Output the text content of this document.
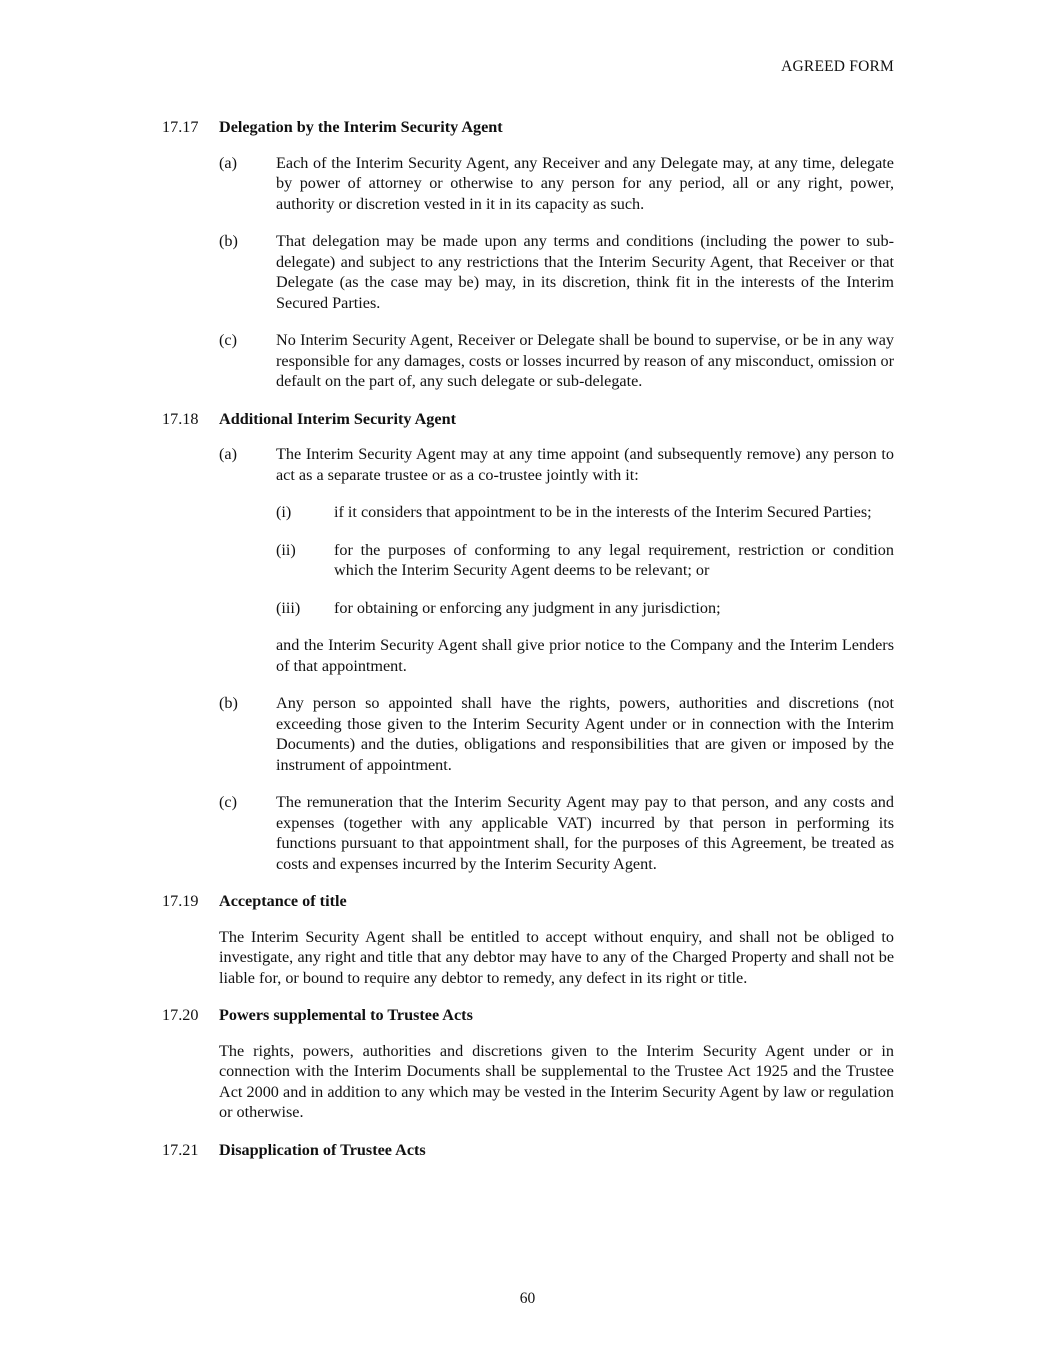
AGREED FORM
17.17	Delegation by the Interim Security Agent
(a)	Each of the Interim Security Agent, any Receiver and any Delegate may, at any time, delegate by power of attorney or otherwise to any person for any period, all or any right, power, authority or discretion vested in it in its capacity as such.
(b)	That delegation may be made upon any terms and conditions (including the power to sub-delegate) and subject to any restrictions that the Interim Security Agent, that Receiver or that Delegate (as the case may be) may, in its discretion, think fit in the interests of the Interim Secured Parties.
(c)	No Interim Security Agent, Receiver or Delegate shall be bound to supervise, or be in any way responsible for any damages, costs or losses incurred by reason of any misconduct, omission or default on the part of, any such delegate or sub-delegate.
17.18	Additional Interim Security Agent
(a)	The Interim Security Agent may at any time appoint (and subsequently remove) any person to act as a separate trustee or as a co-trustee jointly with it:
(i)	if it considers that appointment to be in the interests of the Interim Secured Parties;
(ii)	for the purposes of conforming to any legal requirement, restriction or condition which the Interim Security Agent deems to be relevant; or
(iii)	for obtaining or enforcing any judgment in any jurisdiction;
and the Interim Security Agent shall give prior notice to the Company and the Interim Lenders of that appointment.
(b)	Any person so appointed shall have the rights, powers, authorities and discretions (not exceeding those given to the Interim Security Agent under or in connection with the Interim Documents) and the duties, obligations and responsibilities that are given or imposed by the instrument of appointment.
(c)	The remuneration that the Interim Security Agent may pay to that person, and any costs and expenses (together with any applicable VAT) incurred by that person in performing its functions pursuant to that appointment shall, for the purposes of this Agreement, be treated as costs and expenses incurred by the Interim Security Agent.
17.19	Acceptance of title
The Interim Security Agent shall be entitled to accept without enquiry, and shall not be obliged to investigate, any right and title that any debtor may have to any of the Charged Property and shall not be liable for, or bound to require any debtor to remedy, any defect in its right or title.
17.20	Powers supplemental to Trustee Acts
The rights, powers, authorities and discretions given to the Interim Security Agent under or in connection with the Interim Documents shall be supplemental to the Trustee Act 1925 and the Trustee Act 2000 and in addition to any which may be vested in the Interim Security Agent by law or regulation or otherwise.
17.21	Disapplication of Trustee Acts
60
